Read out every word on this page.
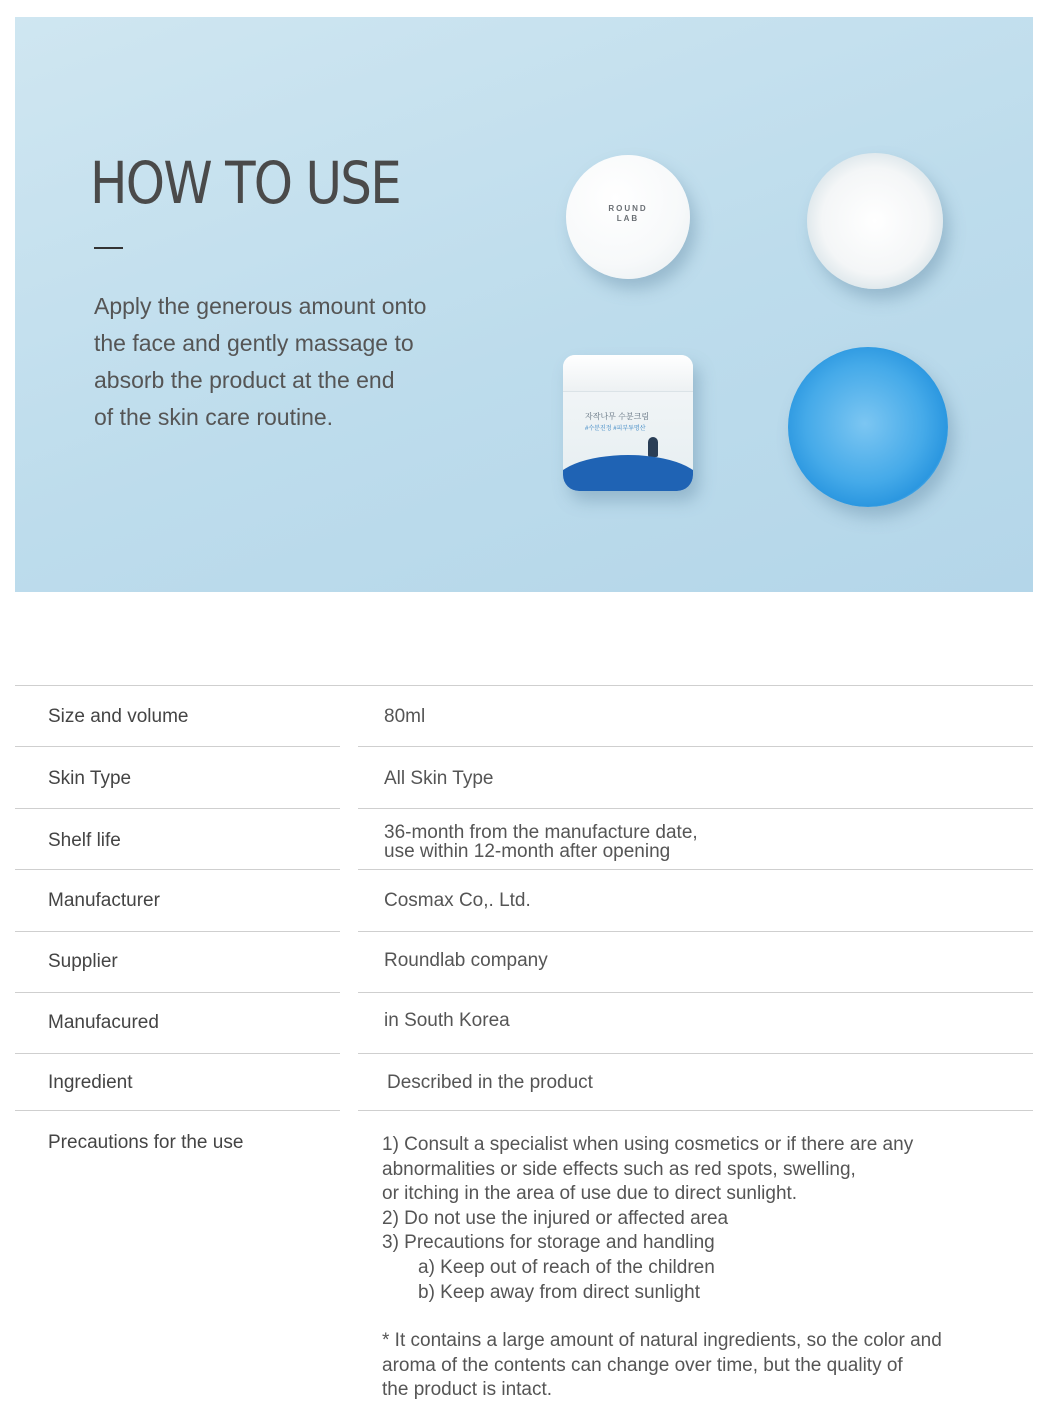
HOW TO USE

Apply the generous amount onto
the face and gently massage to
absorb the product at the end
of the skin care routine.

ROUND
LAB
자작나무 수분크림
#수분진정 #피부투명산
Size and volume	80ml
Skin Type	All Skin Type
Shelf life	36-month from the manufacture date,
use within 12-month after opening
Manufacturer	Cosmax Co,. Ltd.
Supplier	Roundlab company
Manufacured	in South Korea
Ingredient	Described in the product
Precautions for the use	1) Consult a specialist when using cosmetics or if there are any
abnormalities or side effects such as red spots, swelling,
or itching in the area of use due to direct sunlight.
2) Do not use the injured or affected area
3) Precautions for storage and handling
a) Keep out of reach of the children
b) Keep away from direct sunlight
* It contains a large amount of natural ingredients, so the color and
aroma of the contents can change over time, but the quality of
the product is intact.
